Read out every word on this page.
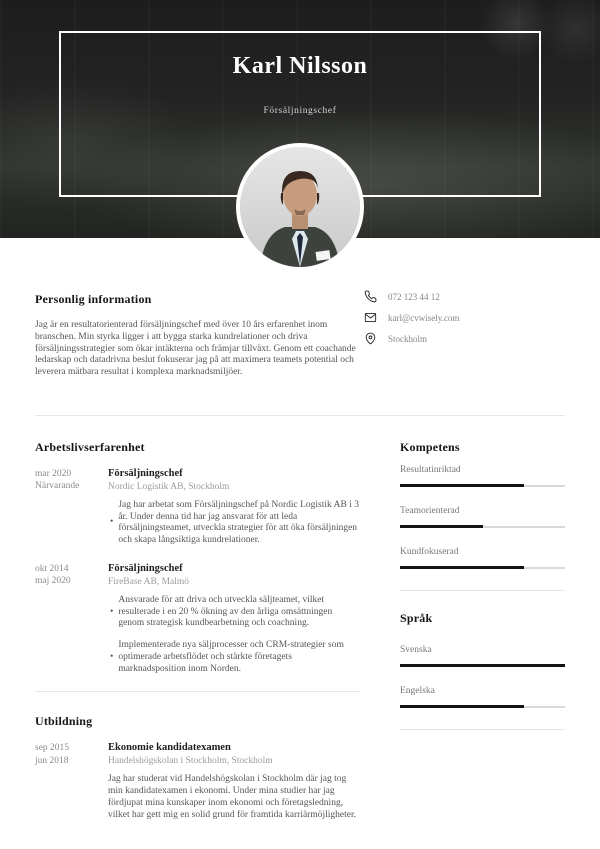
Karl Nilsson
Försäljningschef
Personlig information

Jag är en resultatorienterad försäljningschef med över 10 års erfarenhet inom branschen. Min styrka ligger i att bygga starka kundrelationer och driva försäljningsstrategier som ökar intäkterna och främjar tillväxt. Genom ett coachande ledarskap och datadrivna beslut fokuserar jag på att maximera teamets potential och leverera mätbara resultat i komplexa marknadsmiljöer.

072 123 44 12
karl@cvwisely.com
Stockholm
Arbetslivserfarenhet
mar 2020
Närvarande
Försäljningschef
Nordic Logistik AB, Stockholm
•
Jag har arbetat som Försäljningschef på Nordic Logistik AB i 3 år. Under denna tid har jag ansvarat för att leda försäljningsteamet, utveckla strategier för att öka försäljningen och skapa långsiktiga kundrelationer.
okt 2014
maj 2020
Försäljningschef
FireBase AB, Malmö
•
Ansvarade för att driva och utveckla säljteamet, vilket resulterade i en 20 % ökning av den årliga omsättningen genom strategisk kundbearbetning och coachning.
•
Implementerade nya säljprocesser och CRM-strategier som optimerade arbetsflödet och stärkte företagets marknadsposition inom Norden.
Utbildning
sep 2015
jun 2018
Ekonomie kandidatexamen
Handelshögskolan i Stockholm, Stockholm

Jag har studerat vid Handelshögskolan i Stockholm där jag tog min kandidatexamen i ekonomi. Under mina studier har jag fördjupat mina kunskaper inom ekonomi och företagsledning, vilket har gett mig en solid grund för framtida karriärmöjligheter.

Kompetens
Resultatinriktad
Teamorienterad
Kundfokuserad
Språk
Svenska
Engelska
